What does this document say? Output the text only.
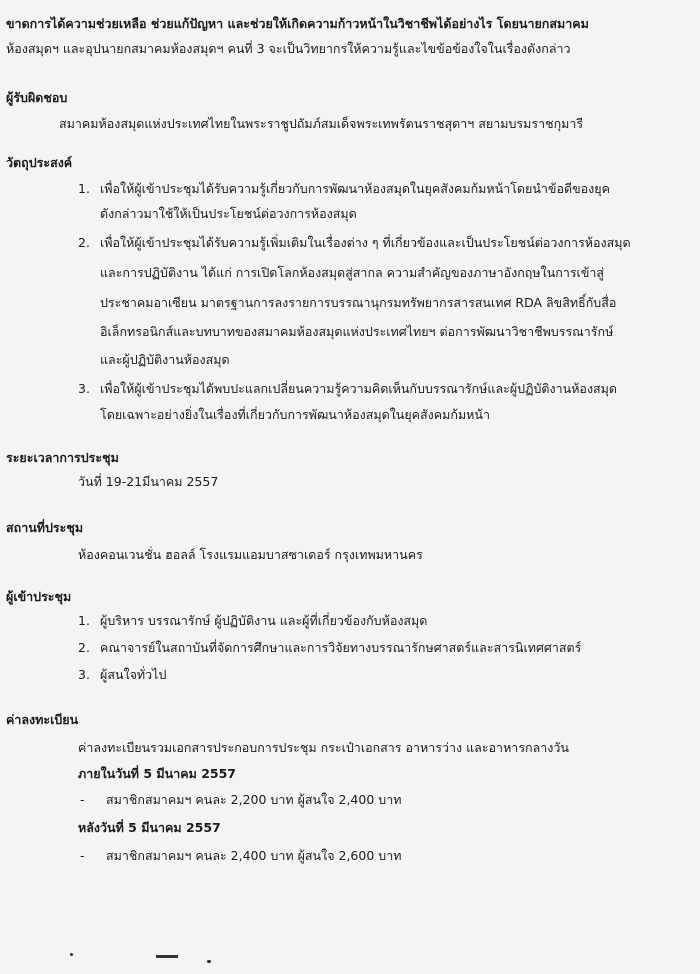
ขาดการได้ความช่วยเหลือ ช่วยแก้ปัญหา และช่วยให้เกิดความก้าวหน้าในวิชาชีพได้อย่างไร โดยนายกสมาคม
ห้องสมุดฯ และอุปนายกสมาคมห้องสมุดฯ คนที่ 3 จะเป็นวิทยากรให้ความรู้และไขข้อข้องใจในเรื่องดังกล่าว
ผู้รับผิดชอบ
สมาคมห้องสมุดแห่งประเทศไทยในพระราชูปถัมภ์สมเด็จพระเทพรัตนราชสุดาฯ สยามบรมราชกุมารี
วัตถุประสงค์
1. เพื่อให้ผู้เข้าประชุมได้รับความรู้เกี่ยวกับการพัฒนาห้องสมุดในยุคสังคมก้มหน้าโดยนำข้อดีของยุค
ดังกล่าวมาใช้ให้เป็นประโยชน์ต่อวงการห้องสมุด
2. เพื่อให้ผู้เข้าประชุมได้รับความรู้เพิ่มเติมในเรื่องต่าง ๆ ที่เกี่ยวข้องและเป็นประโยชน์ต่อวงการห้องสมุด
และการปฏิบัติงาน ได้แก่ การเปิดโลกห้องสมุดสู่สากล ความสำคัญของภาษาอังกฤษในการเข้าสู่
ประชาคมอาเซียน มาตรฐานการลงรายการบรรณานุกรมทรัพยากรสารสนเทศ RDA ลิขสิทธิ์กับสื่อ
อิเล็กทรอนิกส์และบทบาทของสมาคมห้องสมุดแห่งประเทศไทยฯ ต่อการพัฒนาวิชาชีพบรรณารักษ์
และผู้ปฏิบัติงานห้องสมุด
3. เพื่อให้ผู้เข้าประชุมได้พบปะแลกเปลี่ยนความรู้ความคิดเห็นกับบรรณารักษ์และผู้ปฏิบัติงานห้องสมุด
โดยเฉพาะอย่างยิ่งในเรื่องที่เกี่ยวกับการพัฒนาห้องสมุดในยุคสังคมก้มหน้า
ระยะเวลาการประชุม
วันที่ 19-21มีนาคม 2557
สถานที่ประชุม
ห้องคอนเวนชั่น ฮอลล์ โรงแรมแอมบาสซาเดอร์ กรุงเทพมหานคร
ผู้เข้าประชุม
1. ผู้บริหาร บรรณารักษ์ ผู้ปฏิบัติงาน และผู้ที่เกี่ยวข้องกับห้องสมุด
2. คณาจารย์ในสถาบันที่จัดการศึกษาและการวิจัยทางบรรณารักษศาสตร์และสารนิเทศศาสตร์
3. ผู้สนใจทั่วไป
ค่าลงทะเบียน
ค่าลงทะเบียนรวมเอกสารประกอบการประชุม กระเป๋าเอกสาร อาหารว่าง และอาหารกลางวัน
ภายในวันที่ 5 มีนาคม 2557
- สมาชิกสมาคมฯ คนละ 2,200 บาท ผู้สนใจ 2,400 บาท
หลังวันที่ 5 มีนาคม 2557
- สมาชิกสมาคมฯ คนละ 2,400 บาท ผู้สนใจ 2,600 บาท
